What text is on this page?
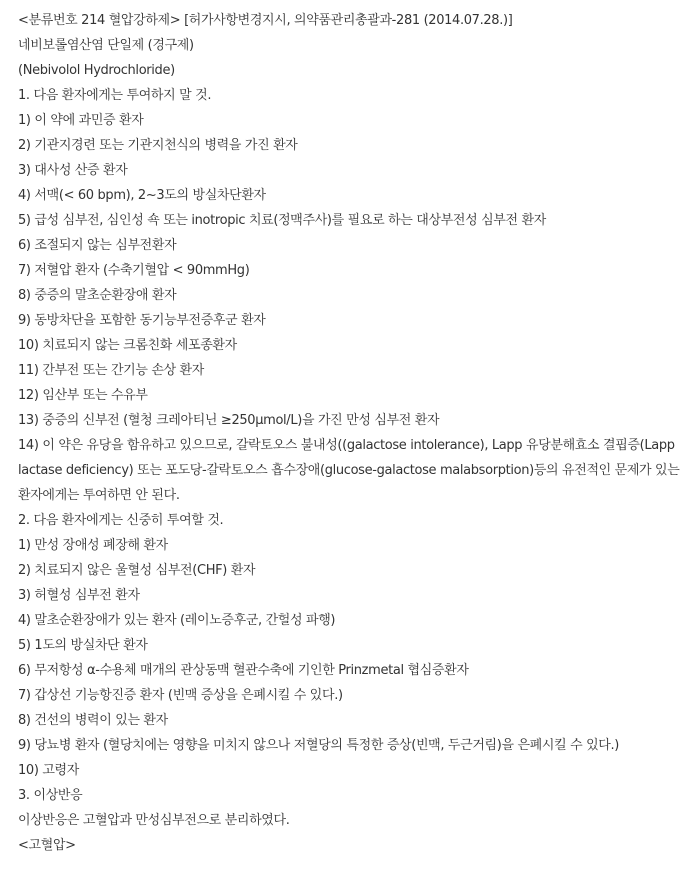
<분류번호 214 혈압강하제> [허가사항변경지시, 의약품관리총괄과-281 (2014.07.28.)]
네비보롤염산염 단일제 (경구제)
(Nebivolol Hydrochloride)
1. 다음 환자에게는 투여하지 말 것.
1) 이 약에 과민증 환자
2) 기관지경련 또는 기관지천식의 병력을 가진 환자
3) 대사성 산증 환자
4) 서맥(< 60 bpm), 2~3도의 방실차단환자
5) 급성 심부전, 심인성 쇽 또는 inotropic 치료(정맥주사)를 필요로 하는 대상부전성 심부전 환자
6) 조절되지 않는 심부전환자
7) 저혈압 환자 (수축기혈압 < 90mmHg)
8) 중증의 말초순환장애 환자
9) 동방차단을 포함한 동기능부전증후군 환자
10) 치료되지 않는 크롬친화 세포종환자
11) 간부전 또는 간기능 손상 환자
12) 임산부 또는 수유부
13) 중증의 신부전 (혈청 크레아티닌 ≥250μmol/L)을 가진 만성 심부전 환자
14) 이 약은 유당을 함유하고 있으므로, 갈락토오스 불내성((galactose intolerance), Lapp 유당분해효소 결핍증(Lapp lactase deficiency) 또는 포도당-갈락토오스 흡수장애(glucose-galactose malabsorption)등의 유전적인 문제가 있는 환자에게는 투여하면 안 된다.
2. 다음 환자에게는 신중히 투여할 것.
1) 만성 장애성 폐장해 환자
2) 치료되지 않은 울혈성 심부전(CHF) 환자
3) 허혈성 심부전 환자
4) 말초순환장애가 있는 환자 (레이노증후군, 간헐성 파행)
5) 1도의 방실차단 환자
6) 무저항성 α-수용체 매개의 관상동맥 혈관수축에 기인한 Prinzmetal 협심증환자
7) 갑상선 기능항진증 환자 (빈맥 증상을 은폐시킬 수 있다.)
8) 건선의 병력이 있는 환자
9) 당뇨병 환자 (혈당치에는 영향을 미치지 않으나 저혈당의 특정한 증상(빈맥, 두근거림)을 은폐시킬 수 있다.)
10) 고령자
3. 이상반응
이상반응은 고혈압과 만성심부전으로 분리하였다.
<고혈압>
